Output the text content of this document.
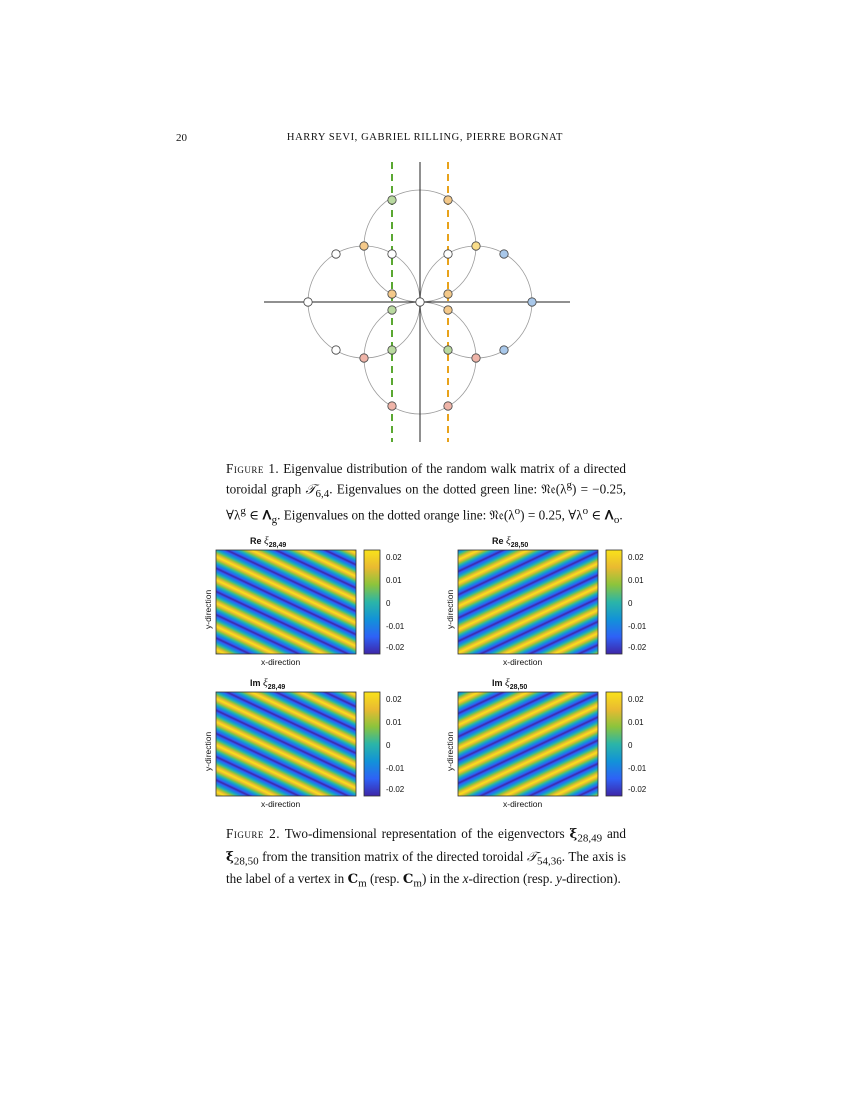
20	HARRY SEVI, GABRIEL RILLING, PIERRE BORGNAT
Figure 1. Eigenvalue distribution of the random walk matrix of a directed toroidal graph 𝒯$_{6,4}$. Eigenvalues on the dotted green line: $𝔑𝔢(\lambda^g) = -0.25$, $\forall\lambda^g$ ∈ 𝚲$_g$. Eigenvalues on the dotted orange line: $𝔑𝔢(\lambda^o) = 0.25$, $\forall\lambda^o$ ∈ 𝚲$_o$.
Re $\xi_{28,49}$
0.02
0.01
0
-0.01
-0.02
x-direction
y-direction
Re $\xi_{28,50}$
0.02
0.01
0
-0.01
-0.02
x-direction
y-direction
Im $\xi_{28,49}$
0.02
0.01
0
-0.01
-0.02
x-direction
y-direction
Im $\xi_{28,50}$
0.02
0.01
0
-0.01
-0.02
x-direction
y-direction
Figure 2. Two-dimensional representation of the eigenvectors 𝛏$_{28,49}$ and 𝛏$_{28,50}$ from the transition matrix of the directed toroidal 𝒯$_{54,36}$. The axis is the label of a vertex in 𝐂$_m$ (resp. 𝐂$_m$) in the x-direction (resp. y-direction).
